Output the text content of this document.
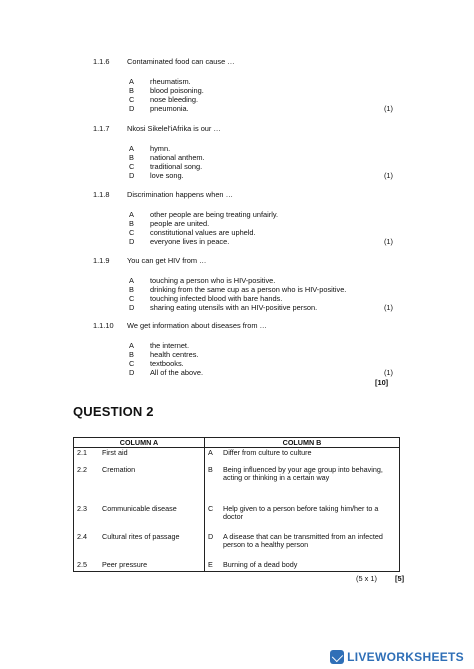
1.1.6 Contaminated food can cause …
A rheumatism.
B blood poisoning.
C nose bleeding.
D pneumonia.	(1)
1.1.7 Nkosi Sikelel'iAfrika is our …
A hymn.
B national anthem.
C traditional song.
D love song.	(1)
1.1.8 Discrimination happens when …
A other people are being treating unfairly.
B people are united.
C constitutional values are upheld.
D everyone lives in peace.	(1)
1.1.9 You can get HIV from …
A touching a person who is HIV-positive.
B drinking from the same cup as a person who is HIV-positive.
C touching infected blood with bare hands.
D sharing eating utensils with an HIV-positive person.	(1)
1.1.10 We get information about diseases from …
A the internet.
B health centres.
C textbooks.
D All of the above.	(1)
[10]
QUESTION 2
COLUMN A		COLUMN B	
2.1	First aid	A	Differ from culture to culture
2.2	Cremation	B	Being influenced by your age group into behaving, acting or thinking in a certain way
2.3	Communicable disease	C	Help given to a person before taking him/her to a doctor
2.4	Cultural rites of passage	D	A disease that can be transmitted from an infected person to a healthy person
2.5	Peer pressure	E	Burning of a dead body
(5 x 1) [5]
LIVEWORKSHEETS
